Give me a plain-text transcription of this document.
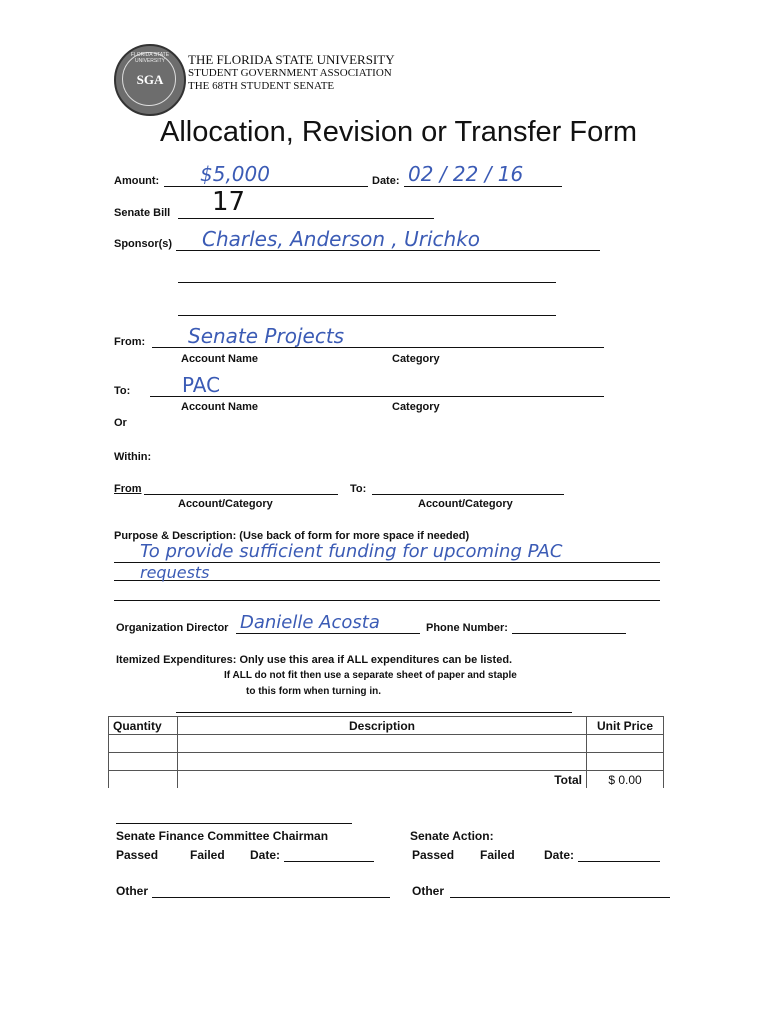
SGA
FLORIDA STATE UNIVERSITY	THE FLORIDA STATE UNIVERSITY
STUDENT GOVERNMENT ASSOCIATION
THE 68TH STUDENT SENATE
Allocation, Revision or Transfer Form
Amount: $5,000	Date: 02 / 22 / 16
Senate Bill 17
Sponsor(s) Charles, Anderson , Urichko
From: Senate Projects
Account Name	Category
To:	PAC
Account Name	Category
Or
Within:
From	To:
Account/Category	Account/Category
Purpose & Description: (Use back of form for more space if needed)
To provide sufficient funding for upcoming PAC
requests
Organization Director Danielle Acosta	Phone Number:
Itemized Expenditures: Only use this area if ALL expenditures can be listed.
If ALL do not fit then use a separate sheet of paper and staple
to this form when turning in.
Quantity	Description	Unit Price

	Total	$ 0.00
Senate Finance Committee Chairman
Passed	Failed Date:
Other
Senate Action:
Passed Failed Date:
Other
